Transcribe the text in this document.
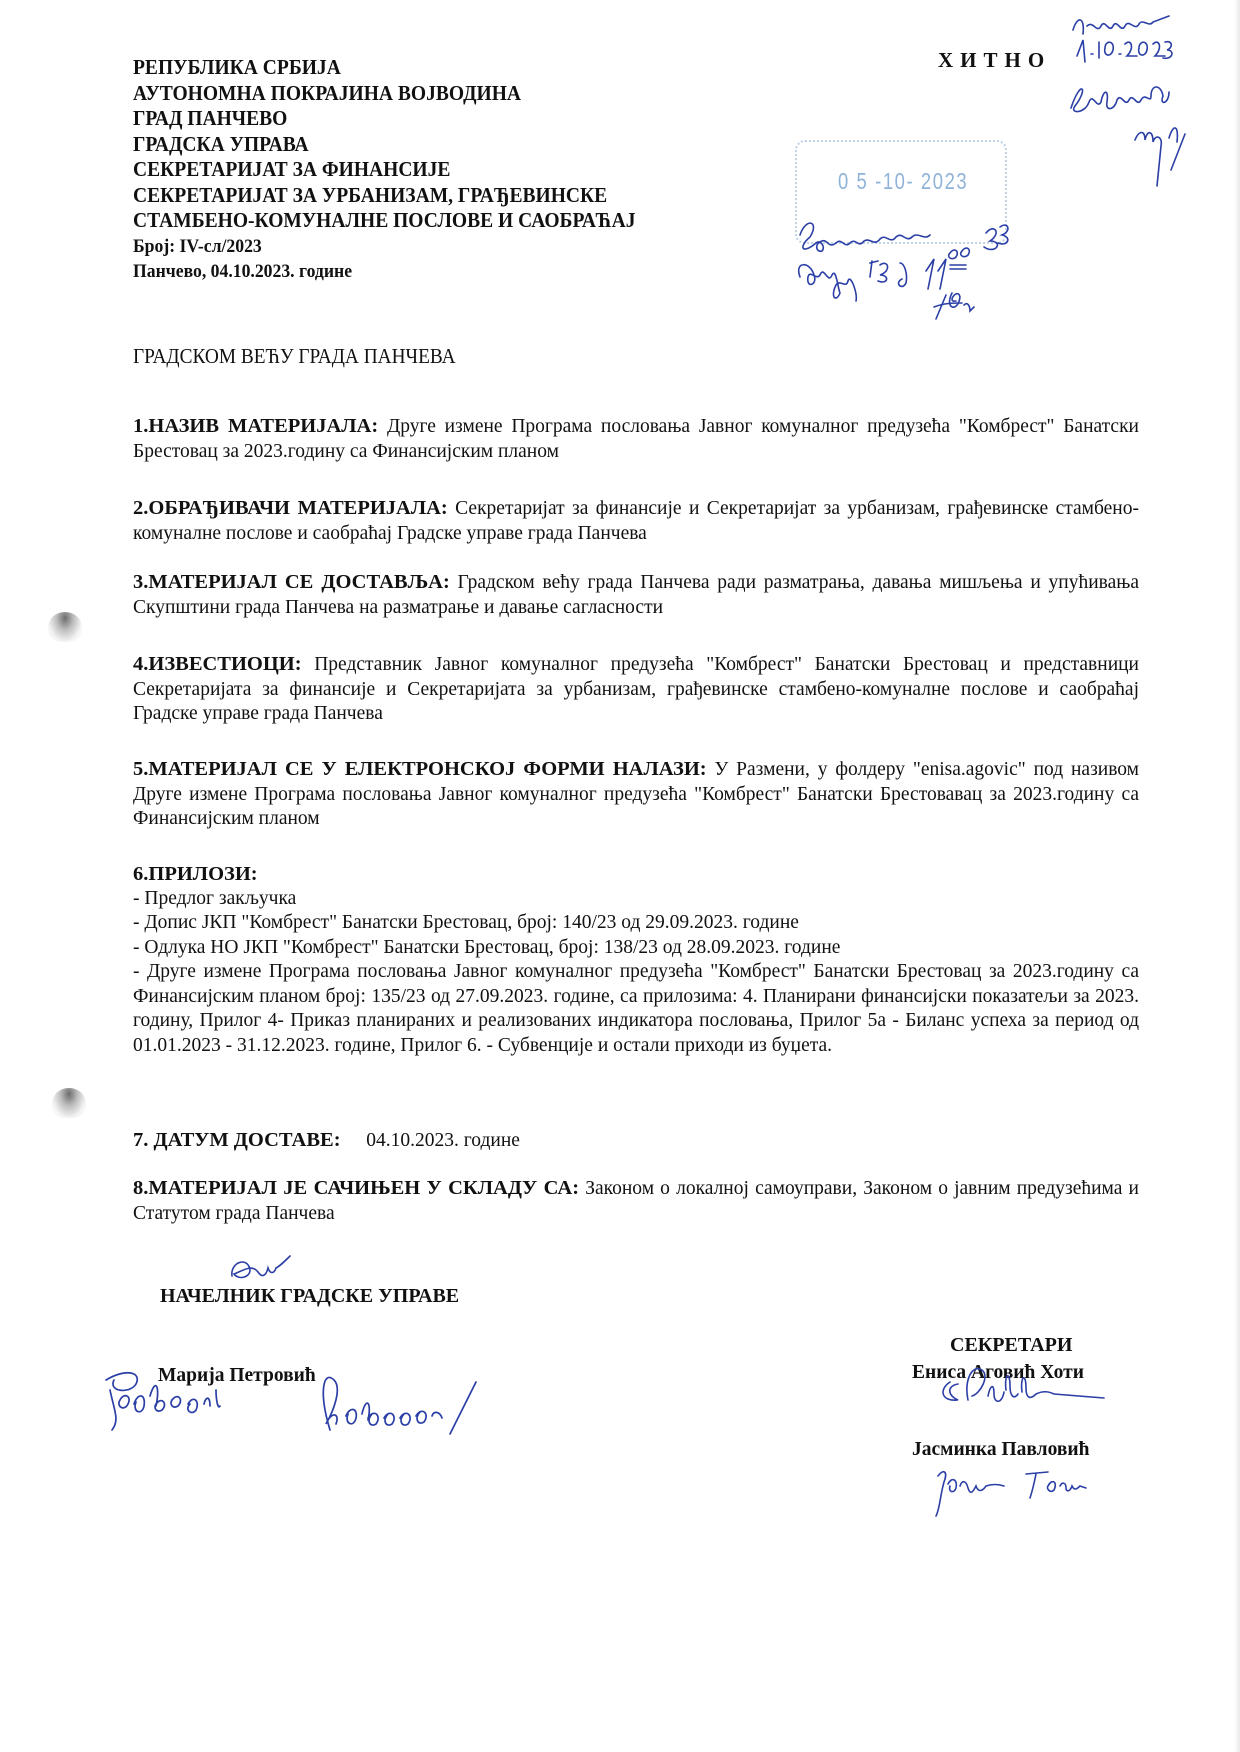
РЕПУБЛИКА СРБИЈА
АУТОНОМНА ПОКРАЈИНА ВОЈВОДИНА
ГРАД ПАНЧЕВО
ГРАДСКА УПРАВА
СЕКРЕТАРИЈАТ ЗА ФИНАНСИЈЕ
СЕКРЕТАРИЈАТ ЗА УРБАНИЗАМ, ГРАЂЕВИНСКЕ
СТАМБЕНО-КОМУНАЛНЕ ПОСЛОВЕ И САОБРАЋАЈ
Број: IV-сл/2023
Панчево, 04.10.2023. године
ХИТНО
0 5 -10- 2023
ГРАДСКОМ ВЕЋУ ГРАДА ПАНЧЕВА
1.НАЗИВ МАТЕРИЈАЛА: Друге измене Програма пословања Јавног комуналног предузећа "Комбрест" Банатски Брестовац за 2023.годину са Финансијским планом
2.ОБРАЂИВАЧИ МАТЕРИЈАЛА: Секретаријат за финансије и Секретаријат за урбанизам, грађевинске стамбено-комуналне послове и саобраћај Градске управе града Панчева
3.МАТЕРИЈАЛ СЕ ДОСТАВЉА: Градском већу града Панчева ради разматрања, давања мишљења и упућивања Скупштини града Панчева на разматрање и давање сагласности
4.ИЗВЕСТИОЦИ: Представник Јавног комуналног предузећа "Комбрест" Банатски Брестовац и представници Секретаријата за финансије и Секретаријата за урбанизам, грађевинске стамбено-комуналне послове и саобраћај Градске управе града Панчева
5.МАТЕРИЈАЛ СЕ У ЕЛЕКТРОНСКОЈ ФОРМИ НАЛАЗИ: У Размени, у фолдеру "enisa.agovic" под називом Друге измене Програма пословања Јавног комуналног предузећа "Комбрест" Банатски Брестовавац за 2023.годину са Финансијским планом
6.ПРИЛОЗИ:
- Предлог закључка
- Допис ЈКП "Комбрест" Банатски Брестовац, број: 140/23 од 29.09.2023. године
- Одлука НО ЈКП "Комбрест" Банатски Брестовац, број: 138/23 од 28.09.2023. године
- Друге измене Програма пословања Јавног комуналног предузећа "Комбрест" Банатски Брестовац за 2023.годину са Финансијским планом број: 135/23 од 27.09.2023. године, са прилозима: 4. Планирани финансијски показатељи за 2023. годину, Прилог 4- Приказ планираних и реализованих индикатора пословања, Прилог 5а - Биланс успеха за период од 01.01.2023 - 31.12.2023. године, Прилог 6. - Субвенције и остали приходи из буџета.
7. ДАТУМ ДОСТАВЕ: 04.10.2023. године
8.МАТЕРИЈАЛ ЈЕ САЧИЊЕН У СКЛАДУ СА: Законом о локалној самоуправи, Законом о јавним предузећима и Статутом града Панчева
НАЧЕЛНИК ГРАДСКЕ УПРАВЕ
Марија Петровић
СЕКРЕТАРИ
Ениса Аговић Хоти
Јасминка Павловић
